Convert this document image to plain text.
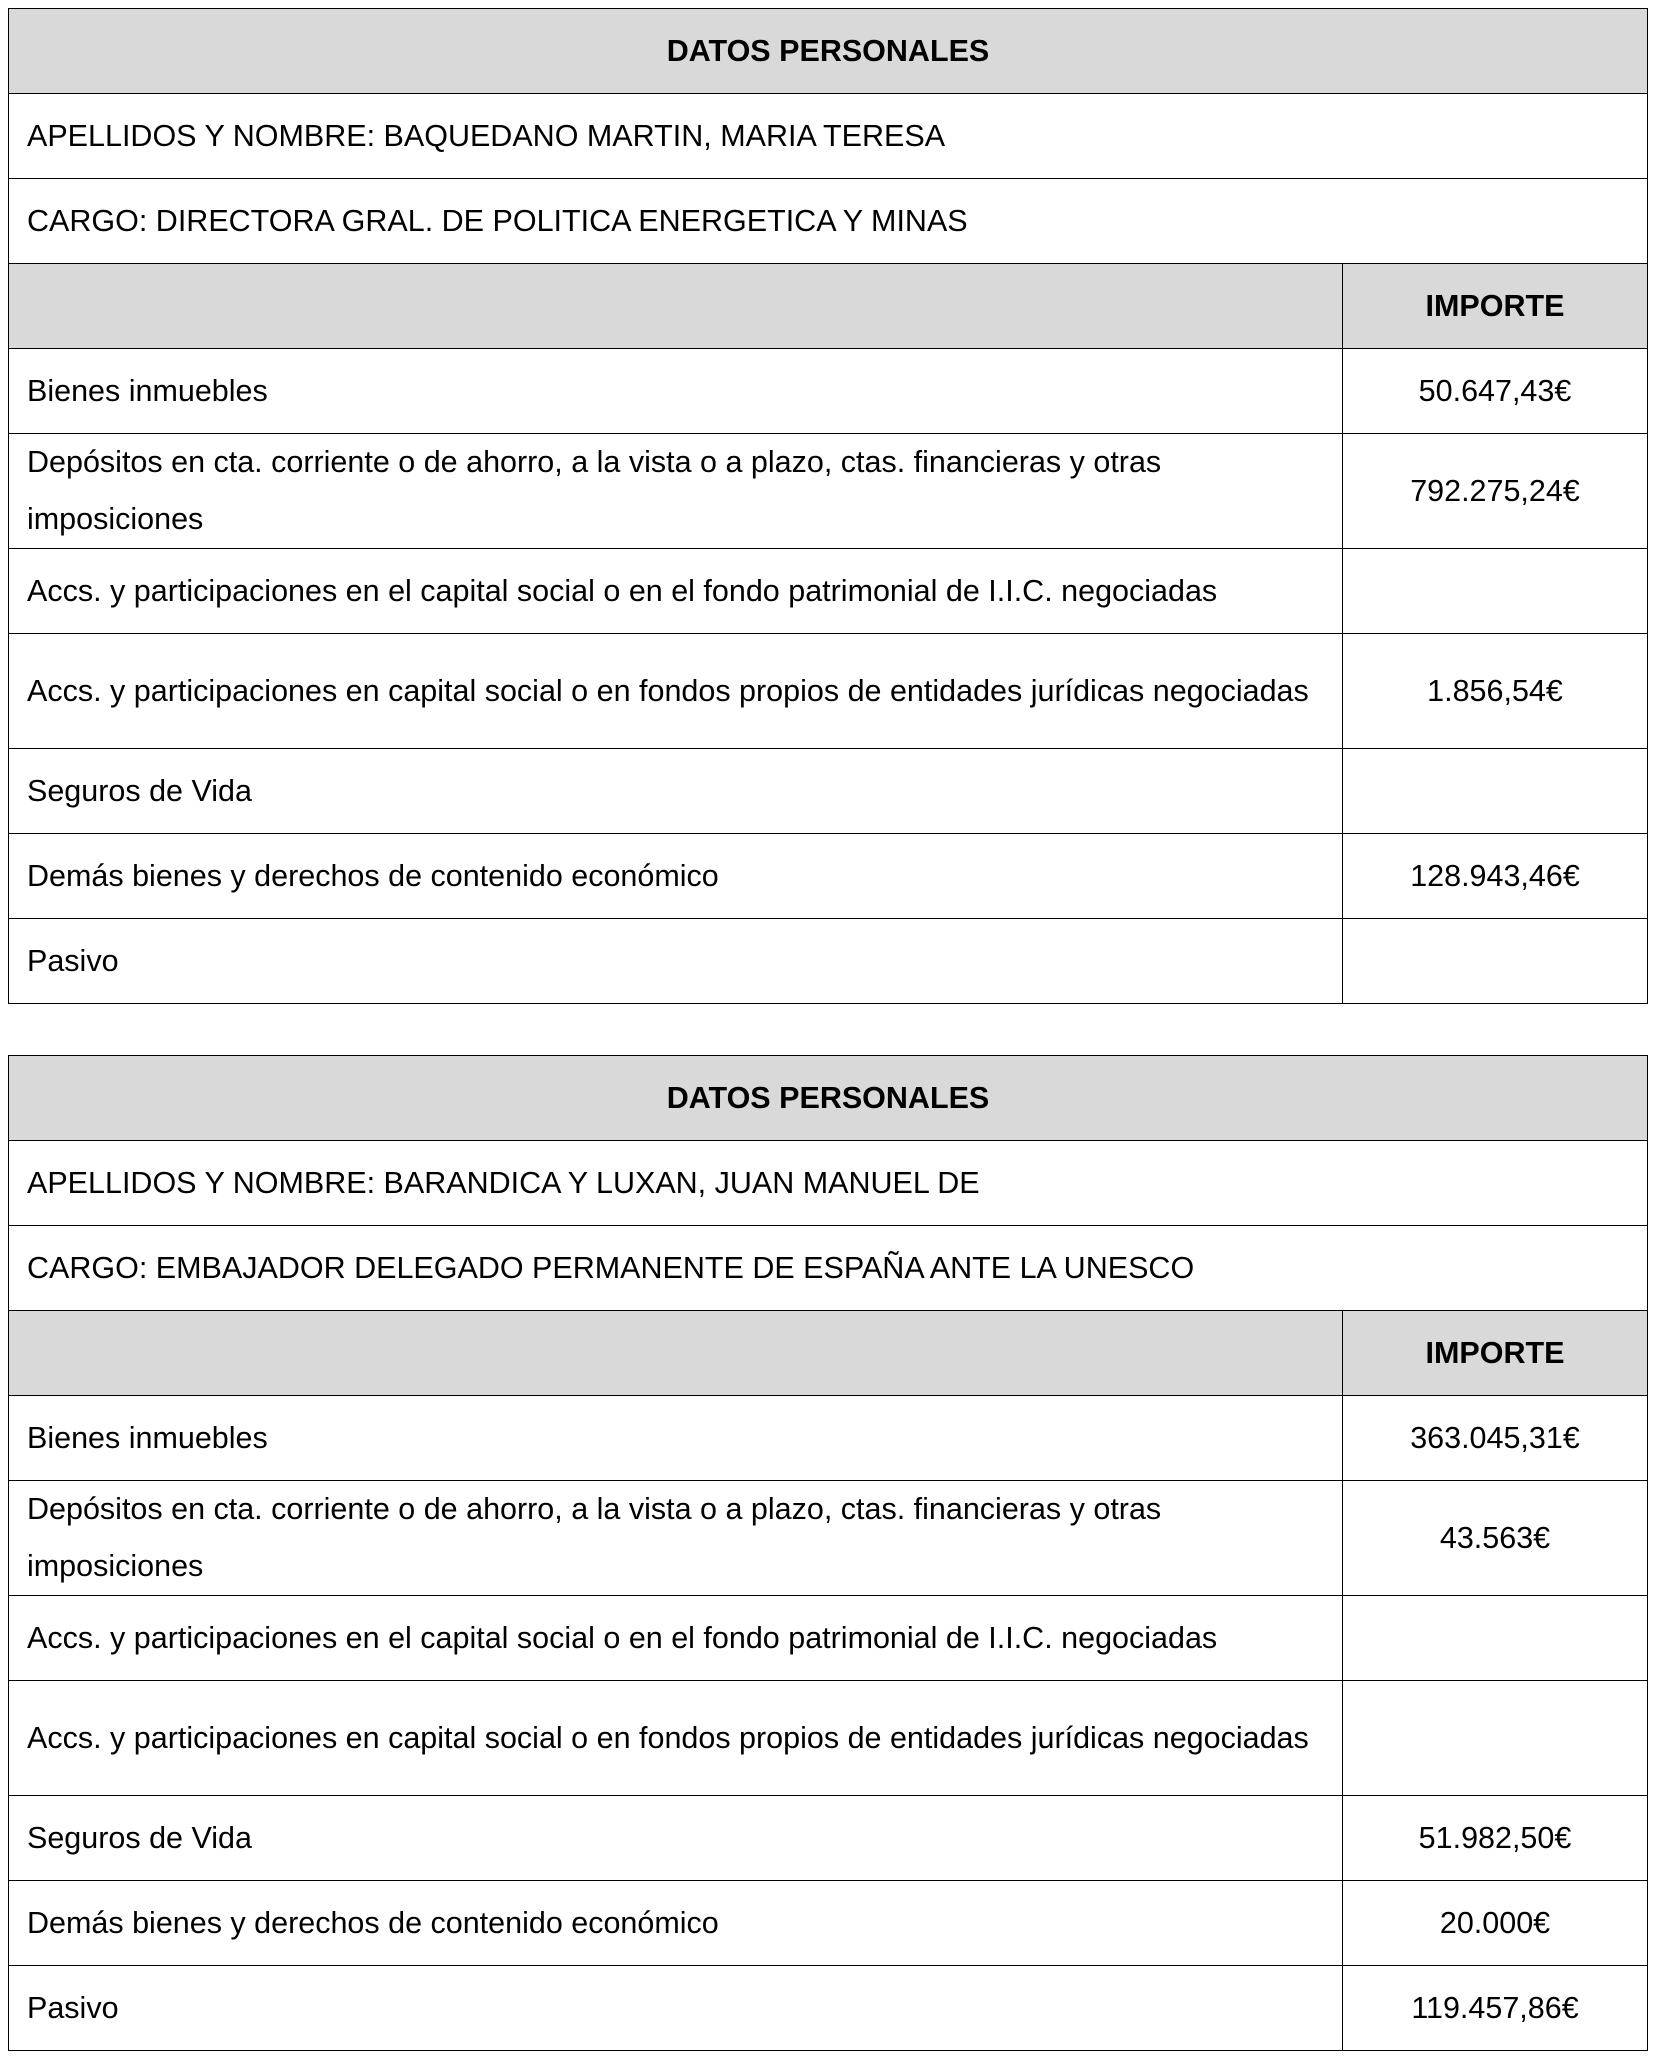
DATOS PERSONALES	
APELLIDOS Y NOMBRE: BAQUEDANO MARTIN, MARIA TERESA	
CARGO: DIRECTORA GRAL. DE POLITICA ENERGETICA Y MINAS	
	IMPORTE
Bienes inmuebles	50.647,43€
Depósitos en cta. corriente o de ahorro, a la vista o a plazo, ctas. financieras y otras imposiciones	792.275,24€
Accs. y participaciones en el capital social o en el fondo patrimonial de I.I.C. negociadas	
Accs. y participaciones en capital social o en fondos propios de entidades jurídicas negociadas	1.856,54€
Seguros de Vida	
Demás bienes y derechos de contenido económico	128.943,46€
Pasivo	
DATOS PERSONALES	
APELLIDOS Y NOMBRE: BARANDICA Y LUXAN, JUAN MANUEL DE	
CARGO: EMBAJADOR DELEGADO PERMANENTE DE ESPAÑA ANTE LA UNESCO	
	IMPORTE
Bienes inmuebles	363.045,31€
Depósitos en cta. corriente o de ahorro, a la vista o a plazo, ctas. financieras y otras imposiciones	43.563€
Accs. y participaciones en el capital social o en el fondo patrimonial de I.I.C. negociadas	
Accs. y participaciones en capital social o en fondos propios de entidades jurídicas negociadas	
Seguros de Vida	51.982,50€
Demás bienes y derechos de contenido económico	20.000€
Pasivo	119.457,86€
